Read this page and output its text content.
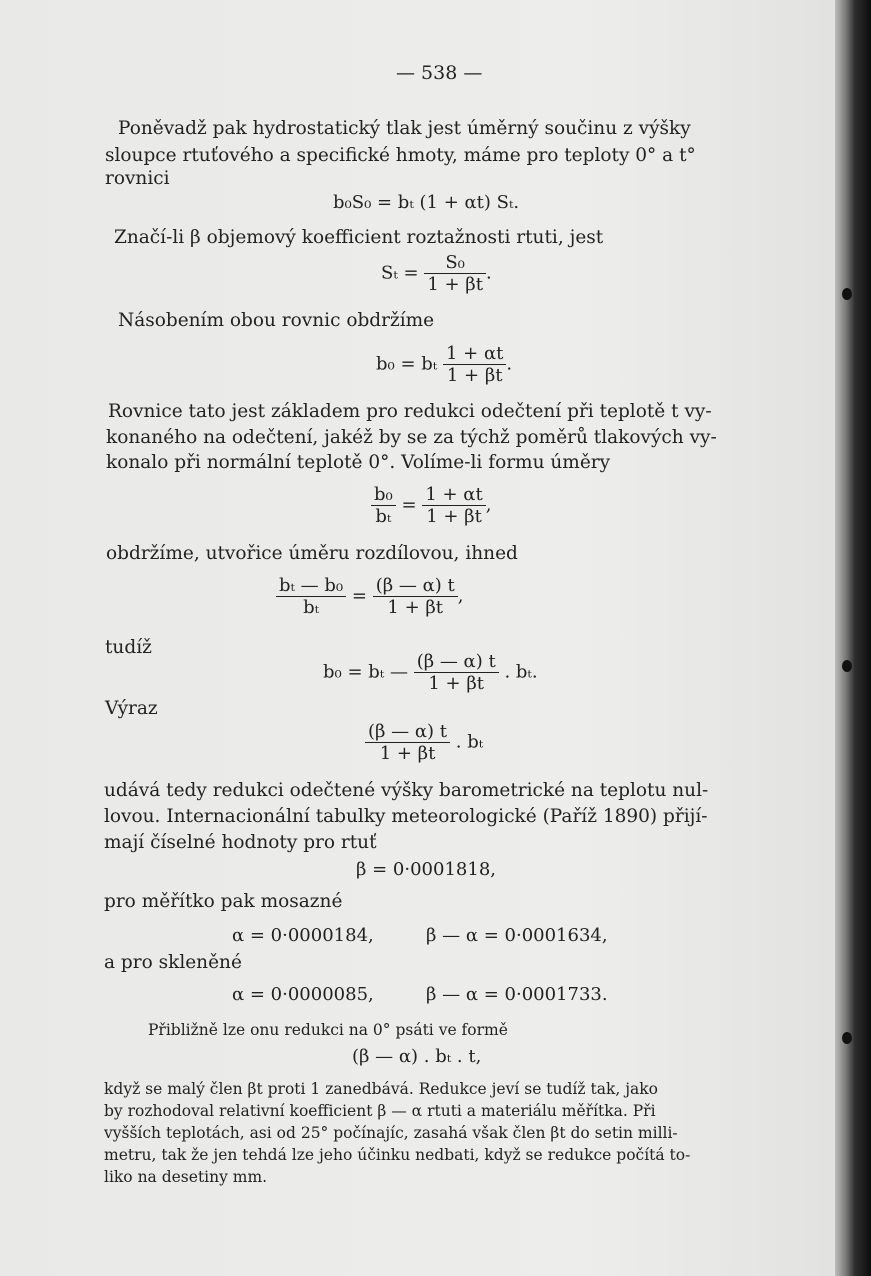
— 538 —
Poněvadž pak hydrostatický tlak jest úměrný součinu z výšky
sloupce rtuťového a specifické hmoty, máme pro teploty 0° a t°
rovnici
b₀S₀ = bₜ (1 + αt) Sₜ.
Značí-li β objemový koefficient roztažnosti rtuti, jest
$S_t = \frac{\text{S₀}}{1 + \beta t}$ .
Násobením obou rovnic obdržíme
b₀ = bₜ $\frac{1 + \alpha t}{1 + \beta t}$ .
Rovnice tato jest základem pro redukci odečtení při teplotě t vy-
konaného na odečtení, jakéž by se za týchž poměrů tlakových vy-
konalo při normální teplotě 0°. Volíme-li formu úměry
$\frac{\text{b₀}}{\text{bₜ}} = \frac{1 + \alpha t}{1 + \beta t}$ ,
obdržíme, utvořice úměru rozdílovou, ihned
$\frac{\text{bₜ — b₀}}{\text{bₜ}} = \frac{(\beta — \alpha) t}{1 + \beta t}$ ,
tudíž
b₀ = bₜ — $\frac{(\beta — \alpha) t}{1 + \beta t}$ . bₜ.
Výraz
$\frac{(\beta — \alpha) t}{1 + \beta t}$ . bₜ
udává tedy redukci odečtené výšky barometrické na teplotu nul-
lovou. Internacionální tabulky meteorologické (Paříž 1890) přijí-
mají číselné hodnoty pro rtuť
β = 0·0001818,
pro měřítko pak mosazné
α = 0·0000184,	β — α = 0·0001634,
a pro skleněné
α = 0·0000085,	β — α = 0·0001733.
Přibližně lze onu redukci na 0° psáti ve formě
(β — α) . bₜ . t,
když se malý člen βt proti 1 zanedbává. Redukce jeví se tudíž tak, jako
by rozhodoval relativní koefficient β — α rtuti a materiálu měřítka. Při
vyšších teplotách, asi od 25° počínajíc, zasahá však člen βt do setin milli-
metru, tak že jen tehdá lze jeho účinku nedbati, když se redukce počítá to-
liko na desetiny mm.
